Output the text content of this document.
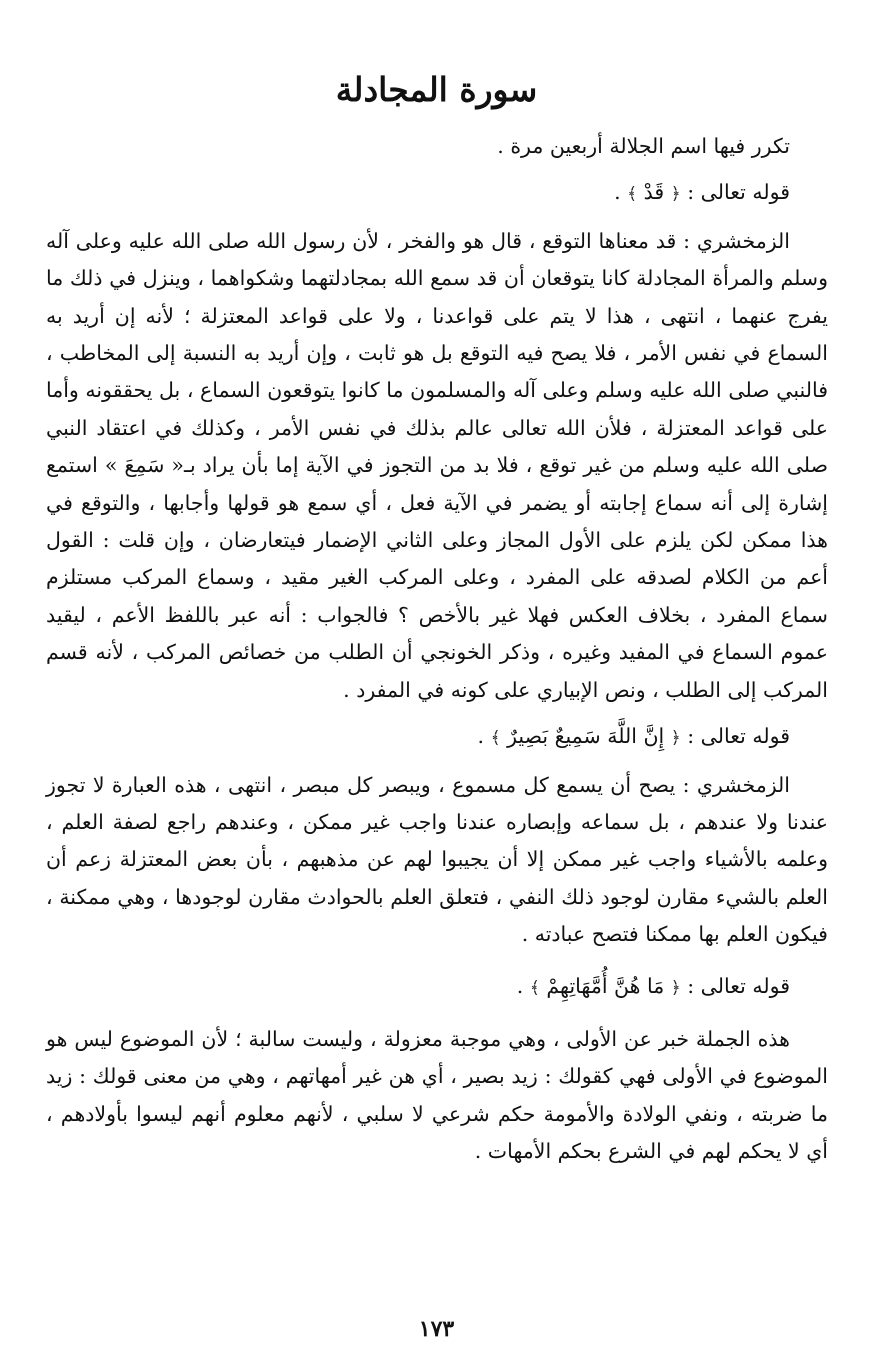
سورة المجادلة

تكرر فيها اسم الجلالة أربعين مرة .

قوله تعالى : ﴿ قَدْ ﴾ .

الزمخشري : قد معناها التوقع ، قال هو والفخر ، لأن رسول الله صلى الله عليه وعلى آله وسلم والمرأة المجادلة كانا يتوقعان أن قد سمع الله بمجادلتهما وشكواهما ، وينزل في ذلك ما يفرج عنهما ، انتهى ، هذا لا يتم على قواعدنا ، ولا على قواعد المعتزلة ؛ لأنه إن أريد به السماع في نفس الأمر ، فلا يصح فيه التوقع بل هو ثابت ، وإن أريد به النسبة إلى المخاطب ، فالنبي صلى الله عليه وسلم وعلى آله والمسلمون ما كانوا يتوقعون السماع ، بل يحققونه وأما على قواعد المعتزلة ، فلأن الله تعالى عالم بذلك في نفس الأمر ، وكذلك في اعتقاد النبي صلى الله عليه وسلم من غير توقع ، فلا بد من التجوز في الآية إما بأن يراد بـ« سَمِعَ » استمع إشارة إلى أنه سماع إجابته أو يضمر في الآية فعل ، أي سمع هو قولها وأجابها ، والتوقع في هذا ممكن لكن يلزم على الأول المجاز وعلى الثاني الإضمار فيتعارضان ، وإن قلت : القول أعم من الكلام لصدقه على المفرد ، وعلى المركب الغير مقيد ، وسماع المركب مستلزم سماع المفرد ، بخلاف العكس فهلا غير بالأخص ؟ فالجواب : أنه عبر باللفظ الأعم ، ليقيد عموم السماع في المفيد وغيره ، وذكر الخونجي أن الطلب من خصائص المركب ، لأنه قسم المركب إلى الطلب ، ونص الإبياري على كونه في المفرد .

قوله تعالى : ﴿ إِنَّ اللَّهَ سَمِيعٌ بَصِيرٌ ﴾ .

الزمخشري : يصح أن يسمع كل مسموع ، ويبصر كل مبصر ، انتهى ، هذه العبارة لا تجوز عندنا ولا عندهم ، بل سماعه وإبصاره عندنا واجب غير ممكن ، وعندهم راجع لصفة العلم ، وعلمه بالأشياء واجب غير ممكن إلا أن يجيبوا لهم عن مذهبهم ، بأن بعض المعتزلة زعم أن العلم بالشيء مقارن لوجود ذلك النفي ، فتعلق العلم بالحوادث مقارن لوجودها ، وهي ممكنة ، فيكون العلم بها ممكنا فتصح عبادته .

قوله تعالى : ﴿ مَا هُنَّ أُمَّهَاتِهِمْ ﴾ .

هذه الجملة خبر عن الأولى ، وهي موجبة معزولة ، وليست سالبة ؛ لأن الموضوع ليس هو الموضوع في الأولى فهي كقولك : زيد بصير ، أي هن غير أمهاتهم ، وهي من معنى قولك : زيد ما ضربته ، ونفي الولادة والأمومة حكم شرعي لا سلبي ، لأنهم معلوم أنهم ليسوا بأولادهم ، أي لا يحكم لهم في الشرع بحكم الأمهات .

١٧٣
